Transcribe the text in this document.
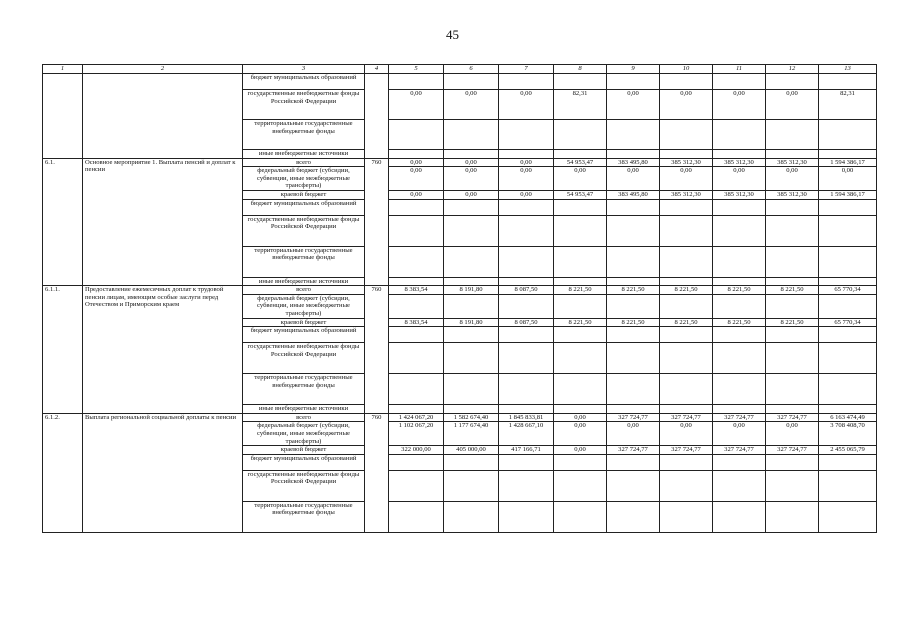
45
1	2	3	4	5	6	7	8	9	10	11	12	13
		бюджет муниципальных образований										
		государственные внебюджетные фонды Российской Федерации		0,00	0,00	0,00	82,31	0,00	0,00	0,00	0,00	82,31
		территориальные государственные внебюджетные фонды										
		иные внебюджетные источники										
6.1.	Основное мероприятие 1. Выплата пенсий и доплат к пенсии	всего	760	0,00	0,00	0,00	54 953,47	383 495,80	385 312,30	385 312,30	385 312,30	1 594 386,17
		федеральный бюджет (субсидии, субвенции, иные межбюджетные трансферты)		0,00	0,00	0,00	0,00	0,00	0,00	0,00	0,00	0,00
		краевой бюджет		0,00	0,00	0,00	54 953,47	383 495,80	385 312,30	385 312,30	385 312,30	1 594 386,17
		бюджет муниципальных образований										
		государственные внебюджетные фонды Российской Федерации										
		территориальные государственные внебюджетные фонды										
		иные внебюджетные источники										
6.1.1.	Предоставление ежемесячных доплат к трудовой пенсии лицам, имеющим особые заслуги перед Отечеством и Приморским краем	всего	760	8 383,54	8 191,80	8 087,50	8 221,50	8 221,50	8 221,50	8 221,50	8 221,50	65 770,34
		федеральный бюджет (субсидии, субвенции, иные межбюджетные трансферты)										
		краевой бюджет		8 383,54	8 191,80	8 087,50	8 221,50	8 221,50	8 221,50	8 221,50	8 221,50	65 770,34
		бюджет муниципальных образований										
		государственные внебюджетные фонды Российской Федерации										
		территориальные государственные внебюджетные фонды										
		иные внебюджетные источники										
6.1.2.	Выплата региональной социальной доплаты к пенсии	всего	760	1 424 067,20	1 582 674,40	1 845 833,81	0,00	327 724,77	327 724,77	327 724,77	327 724,77	6 163 474,49
		федеральный бюджет (субсидии, субвенции, иные межбюджетные трансферты)		1 102 067,20	1 177 674,40	1 428 667,10	0,00	0,00	0,00	0,00	0,00	3 708 408,70
		краевой бюджет		322 000,00	405 000,00	417 166,71	0,00	327 724,77	327 724,77	327 724,77	327 724,77	2 455 065,79
		бюджет муниципальных образований										
		государственные внебюджетные фонды Российской Федерации										
		территориальные государственные внебюджетные фонды										
